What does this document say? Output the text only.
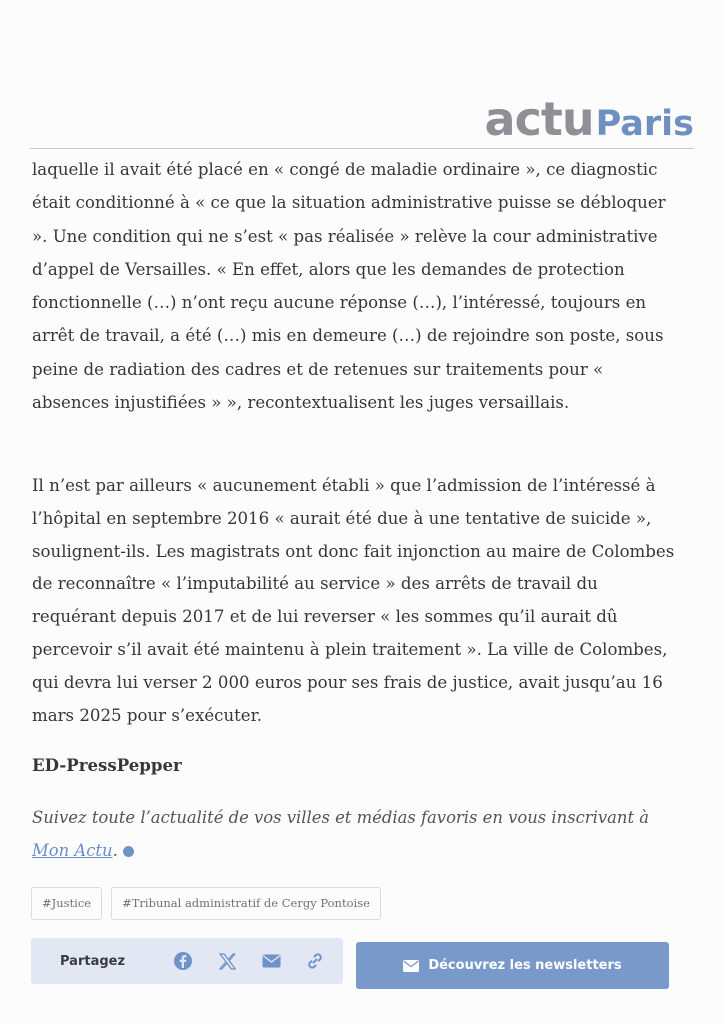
actuParis

laquelle il avait été placé en « congé de maladie ordinaire », ce diagnostic était conditionné à « ce que la situation administrative puisse se débloquer ». Une condition qui ne s’est « pas réalisée » relève la cour administrative d’appel de Versailles. « En effet, alors que les demandes de protection fonctionnelle (…) n’ont reçu aucune réponse (…), l’intéressé, toujours en arrêt de travail, a été (…) mis en demeure (…) de rejoindre son poste, sous peine de radiation des cadres et de retenues sur traitements pour « absences injustifiées » », recontextualisent les juges versaillais.

Il n’est par ailleurs « aucunement établi » que l’admission de l’intéressé à l’hôpital en septembre 2016 « aurait été due à une tentative de suicide », soulignent-ils. Les magistrats ont donc fait injonction au maire de Colombes de reconnaître « l’imputabilité au service » des arrêts de travail du requérant depuis 2017 et de lui reverser « les sommes qu’il aurait dû percevoir s’il avait été maintenu à plein traitement ». La ville de Colombes, qui devra lui verser 2 000 euros pour ses frais de justice, avait jusqu’au 16 mars 2025 pour s’exécuter.

ED-PressPepper

Suivez toute l’actualité de vos villes et médias favoris en vous inscrivant à Mon Actu.

#Justice	#Tribunal administratif de Cergy Pontoise
Partagez	Découvrez les newsletters
